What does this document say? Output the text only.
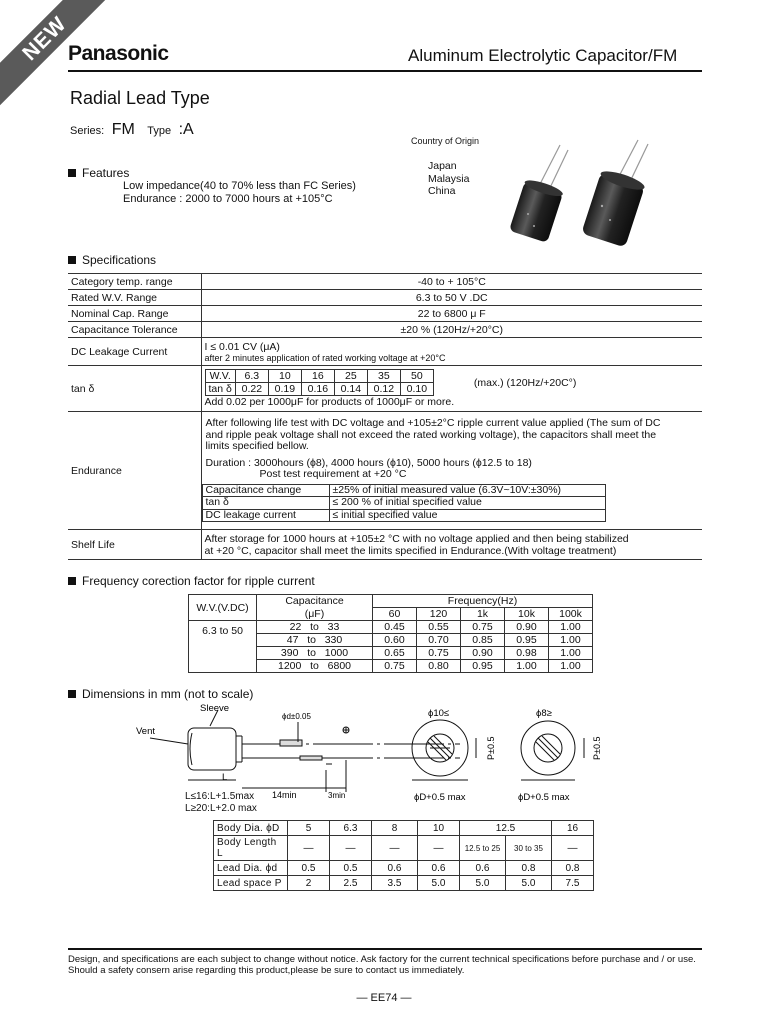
NEW
Panasonic	Aluminum Electrolytic Capacitor/FM
Radial Lead Type
Series: FM Type :A
Country of Origin
Japan
Malaysia
China
Features
Low impedance(40 to 70% less than FC Series)
Endurance : 2000 to 7000 hours at +105°C
Specifications
Category temp. range	-40 to + 105°C
Rated W.V. Range	6.3 to 50 V .DC
Nominal Cap. Range	22 to 6800 μ F
Capacitance Tolerance	±20 % (120Hz/+20°C)
DC Leakage Current	I ≤ 0.01 CV (μA)
after 2 minutes application of rated working voltage at +20°C

tan δ	
W.V.	6.3	10	16	25	35	50
tan δ	0.22	0.19	0.16	0.14	0.12	0.10
(max.) (120Hz/+20C°)
Add 0.02 per 1000μF for products of 1000μF or more.

Endurance	
After following life test with DC voltage and +105±2°C ripple current value applied (The sum of DC and ripple peak voltage shall not exceed the rated working voltage), the capacitors shall meet the limits specified bellow.
Duration : 3000hours (ϕ8), 4000 hours (ϕ10), 5000 hours (ϕ12.5 to 18)
Post test requirement at +20 °C
Capacitance change	±25% of initial measured value (6.3V~10V:±30%)
tan δ	≤ 200 % of initial specified value
DC leakage current	≤ initial specified value

Shelf Life	After storage for 1000 hours at +105±2 °C with no voltage applied and then being stabilized
at +20 °C, capacitor shall meet the limits specified in Endurance.(With voltage treatment)
Frequency corection factor for ripple current
W.V.(V.DC)	Capacitance	Frequency(Hz)				
	(μF)	60	120	1k	10k	100k
6.3 to 50	22 to 33	0.45	0.55	0.75	0.90	1.00
	47 to 330	0.60	0.70	0.85	0.95	1.00
	390 to 1000	0.65	0.75	0.90	0.98	1.00
	1200 to 6800	0.75	0.80	0.95	1.00	1.00
Dimensions in mm (not to scale)
Sleeve
Vent
ϕd±0.05
L
14min	3min
ϕ10≤	ϕ8≥
ϕD+0.5 max	ϕD+0.5 max
P±0.5	P±0.5
L≤16:L+1.5max
L≥20:L+2.0 max
Body Dia. ϕD	5	6.3	8	10	12.5		16
Body Length L	—	—	—	—	12.5 to 25	30 to 35	—
Lead Dia. ϕd	0.5	0.5	0.6	0.6	0.6	0.8	0.8
Lead space P	2	2.5	3.5	5.0	5.0	5.0	7.5
Design, and specifications are each subject to change without notice. Ask factory for the current technical specifications before purchase and / or use. Should a safety consern arise regarding this product,please be sure to contact us immediately.
— EE74 —
